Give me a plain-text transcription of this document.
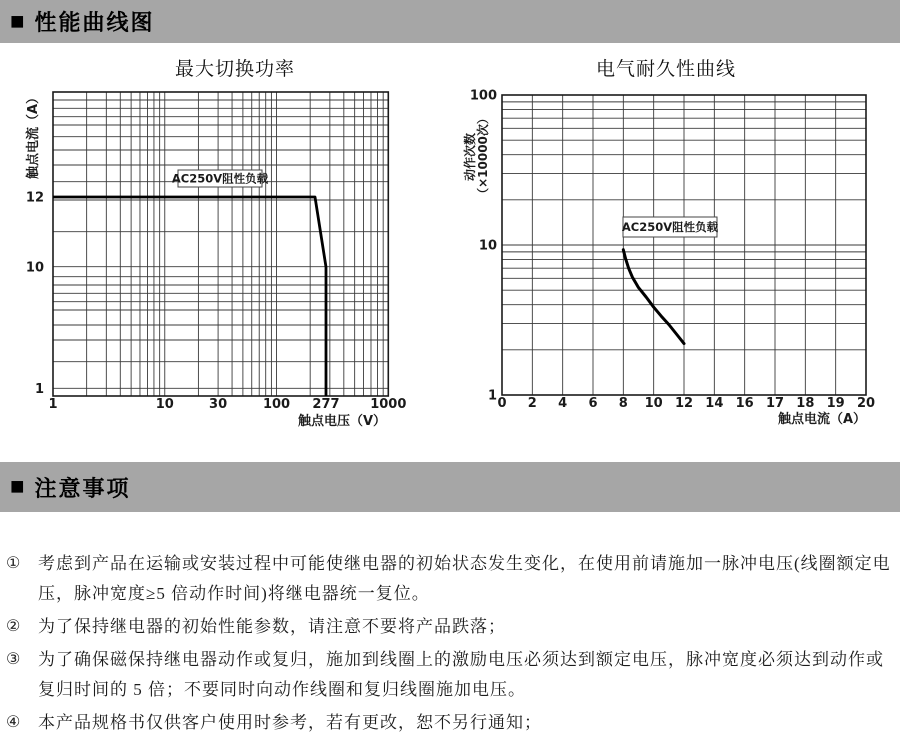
■ 性能曲线图
最大切换功率	电气耐久性曲线
AC250V阻性负载
12
10
1
1	10	30	100 277 1000
触点电压（V）
触点电流（A）
AC250V阻性负载
100
10
1 0 2 4 6 8 10 12 14 16 17 18 19 20
触点电流（A）
动作次数 （×10000次）
■ 注意事项
①	考虑到产品在运输或安装过程中可能使继电器的初始状态发生变化，在使用前请施加一脉冲电压(线圈额定电
压，脉冲宽度≥5 倍动作时间)将继电器统一复位。
②	为了保持继电器的初始性能参数，请注意不要将产品跌落；
③	为了确保磁保持继电器动作或复归，施加到线圈上的激励电压必须达到额定电压，脉冲宽度必须达到动作或
复归时间的 5 倍；不要同时向动作线圈和复归线圈施加电压。
④	本产品规格书仅供客户使用时参考，若有更改，恕不另行通知；
